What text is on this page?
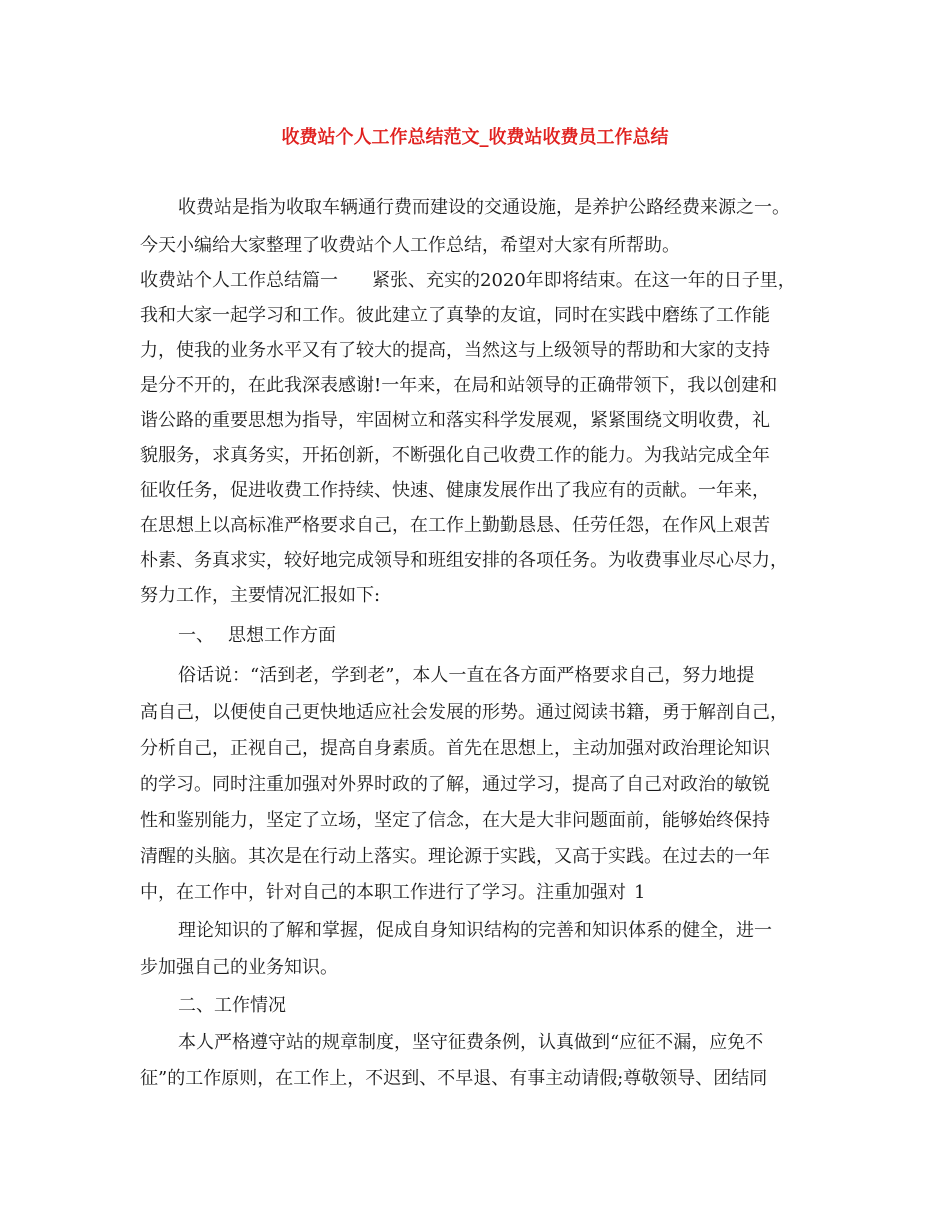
收费站个人工作总结范文_收费站收费员工作总结
收费站是指为收取车辆通行费而建设的交通设施，是养护公路经费来源之一。
今天小编给大家整理了收费站个人工作总结，希望对大家有所帮助。
收费站个人工作总结篇一 紧张、充实的2020年即将结束。在这一年的日子里，
我和大家一起学习和工作。彼此建立了真挚的友谊，同时在实践中磨练了工作能
力，使我的业务水平又有了较大的提高，当然这与上级领导的帮助和大家的支持
是分不开的，在此我深表感谢!一年来，在局和站领导的正确带领下，我以创建和
谐公路的重要思想为指导，牢固树立和落实科学发展观，紧紧围绕文明收费，礼
貌服务，求真务实，开拓创新，不断强化自己收费工作的能力。为我站完成全年
征收任务，促进收费工作持续、快速、健康发展作出了我应有的贡献。一年来，
在思想上以高标准严格要求自己，在工作上勤勤恳恳、任劳任怨，在作风上艰苦
朴素、务真求实，较好地完成领导和班组安排的各项任务。为收费事业尽心尽力，
努力工作，主要情况汇报如下:
一、 思想工作方面
俗话说：“活到老，学到老”，本人一直在各方面严格要求自己，努力地提
高自己，以便使自己更快地适应社会发展的形势。通过阅读书籍，勇于解剖自己，
分析自己，正视自己，提高自身素质。首先在思想上，主动加强对政治理论知识
的学习。同时注重加强对外界时政的了解，通过学习，提高了自己对政治的敏锐
性和鉴别能力，坚定了立场，坚定了信念，在大是大非问题面前，能够始终保持
清醒的头脑。其次是在行动上落实。理论源于实践，又高于实践。在过去的一年
中，在工作中，针对自己的本职工作进行了学习。注重加强对 1
理论知识的了解和掌握，促成自身知识结构的完善和知识体系的健全，进一
步加强自己的业务知识。
二、工作情况
本人严格遵守站的规章制度，坚守征费条例，认真做到“应征不漏，应免不
征”的工作原则，在工作上，不迟到、不早退、有事主动请假;尊敬领导、团结同
